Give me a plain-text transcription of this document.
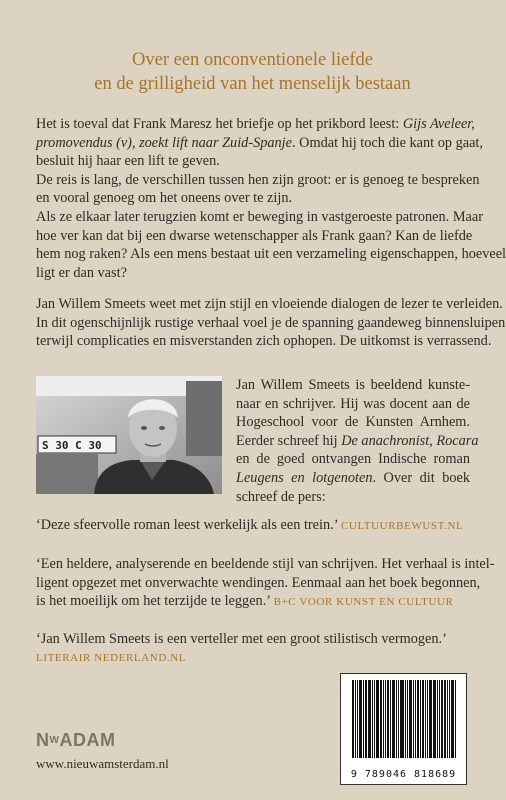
Over een onconventionele liefde
en de grilligheid van het menselijk bestaan

Het is toeval dat Frank Maresz het briefje op het prikbord leest: Gijs Aveleer,

promovendus (v), zoekt lift naar Zuid-Spanje. Omdat hij toch die kant op gaat,

besluit hij haar een lift te geven.

De reis is lang, de verschillen tussen hen zijn groot: er is genoeg te bespreken

en vooral genoeg om het oneens over te zijn.

Als ze elkaar later terugzien komt er beweging in vastgeroeste patronen. Maar

hoe ver kan dat bij een dwarse wetenschapper als Frank gaan? Kan de liefde

hem nog raken? Als een mens bestaat uit een verzameling eigenschappen, hoeveel

ligt er dan vast?

Jan Willem Smeets weet met zijn stijl en vloeiende dialogen de lezer te verleiden.

In dit ogenschijnlijk rustige verhaal voel je de spanning gaandeweg binnensluipen

terwijl complicaties en misverstanden zich ophopen. De uitkomst is verrassend.

S 30 C 30
Jan Willem Smeets is beeldend kunste-
naar en schrijver. Hij was docent aan de
Hogeschool voor de Kunsten Arnhem.
Eerder schreef hij De anachronist, Rocara
en de goed ontvangen Indische roman
Leugens en lotgenoten. Over dit boek
schreef de pers:
‘Deze sfeervolle roman leest werkelijk als een trein.’ CULTUURBEWUST.NL
‘Een heldere, analyserende en beeldende stijl van schrijven. Het verhaal is intel-
ligent opgezet met onverwachte wendingen. Eenmaal aan het boek begonnen,
is het moeilijk om het terzijde te leggen.’ B+C VOOR KUNST EN CULTUUR
‘Jan Willem Smeets is een verteller met een groot stilistisch vermogen.’
LITERAIR NEDERLAND.NL
NWADAM
www.nieuwamsterdam.nl
9 789046 818689
